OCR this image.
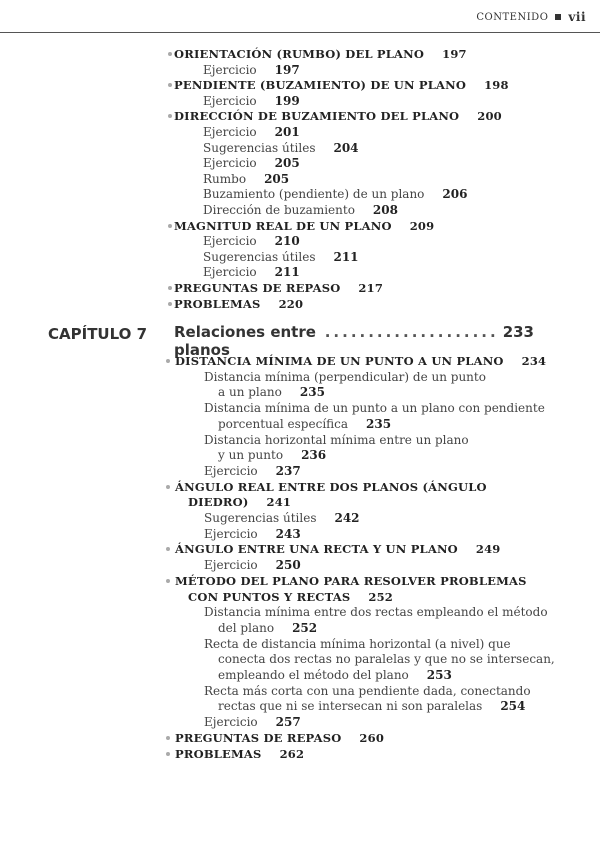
CONTENIDO vii
ORIENTACIÓN (RUMBO) DEL PLANO 197
Ejercicio 197
PENDIENTE (BUZAMIENTO) DE UN PLANO 198
Ejercicio 199
DIRECCIÓN DE BUZAMIENTO DEL PLANO 200
Ejercicio 201
Sugerencias útiles 204
Ejercicio 205
Rumbo 205
Buzamiento (pendiente) de un plano 206
Dirección de buzamiento 208
MAGNITUD REAL DE UN PLANO 209
Ejercicio 210
Sugerencias útiles 211
Ejercicio 211
PREGUNTAS DE REPASO 217
PROBLEMAS 220
CAPÍTULO 7 Relaciones entre planos
.................... 233
DISTANCIA MÍNIMA DE UN PUNTO A UN PLANO 234
Distancia mínima (perpendicular) de un punto
a un plano 235
Distancia mínima de un punto a un plano con pendiente
porcentual específica 235
Distancia horizontal mínima entre un plano
y un punto 236
Ejercicio 237
ÁNGULO REAL ENTRE DOS PLANOS (ÁNGULO
DIEDRO) 241
Sugerencias útiles 242
Ejercicio 243
ÁNGULO ENTRE UNA RECTA Y UN PLANO 249
Ejercicio 250
MÉTODO DEL PLANO PARA RESOLVER PROBLEMAS
CON PUNTOS Y RECTAS 252
Distancia mínima entre dos rectas empleando el método
del plano 252
Recta de distancia mínima horizontal (a nivel) que
conecta dos rectas no paralelas y que no se intersecan,
empleando el método del plano 253
Recta más corta con una pendiente dada, conectando
rectas que ni se intersecan ni son paralelas 254
Ejercicio 257
PREGUNTAS DE REPASO 260
PROBLEMAS 262
